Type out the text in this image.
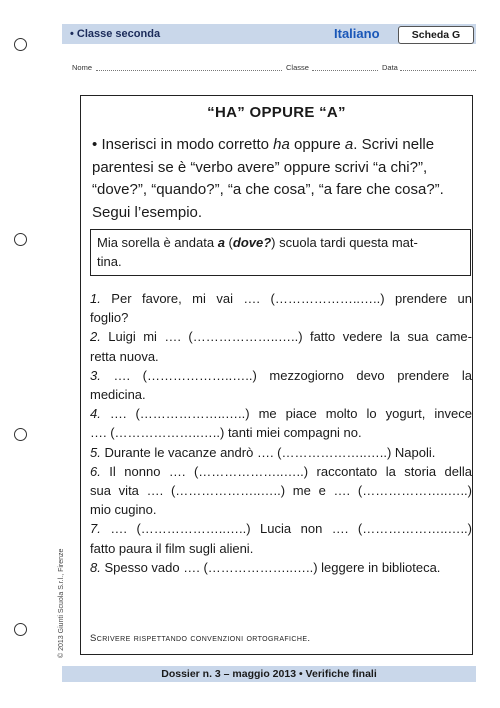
• Classe seconda	Italiano	Scheda G
Nome	Classe	Data
“HA” OPPURE “A”
• Inserisci in modo corretto ha oppure a. Scrivi nelle parentesi se è “verbo avere” oppure scrivi “a chi?”, “dove?”, “quando?”, “a che cosa”, “a fare che cosa?”. Segui l’esempio.
Mia sorella è andata a (dove?) scuola tardi questa mat-
tina.

1. Per favore, mi vai …. (………………..…..) prendere un
foglio?

2. Luigi mi …. (………………..…..) fatto vedere la sua came-
retta nuova.

3. …. (………………..…..) mezzogiorno devo prendere la
medicina.

4. …. (………………..…..) me piace molto lo yogurt, invece
…. (………………..…..) tanti miei compagni no.

5. Durante le vacanze andrò …. (………………..…..) Napoli.

6. Il nonno …. (………………..…..) raccontato la storia della
sua vita …. (………………..…..) me e …. (………………..…..)
mio cugino.

7. …. (………………..…..) Lucia non …. (………………..…..)
fatto paura il film sugli alieni.

8. Spesso vado …. (………………..…..) leggere in biblioteca.

Scrivere rispettando convenzioni ortografiche.
© 2013 Giunti Scuola S.r.l., Firenze
Dossier n. 3 – maggio 2013 • Verifiche finali
